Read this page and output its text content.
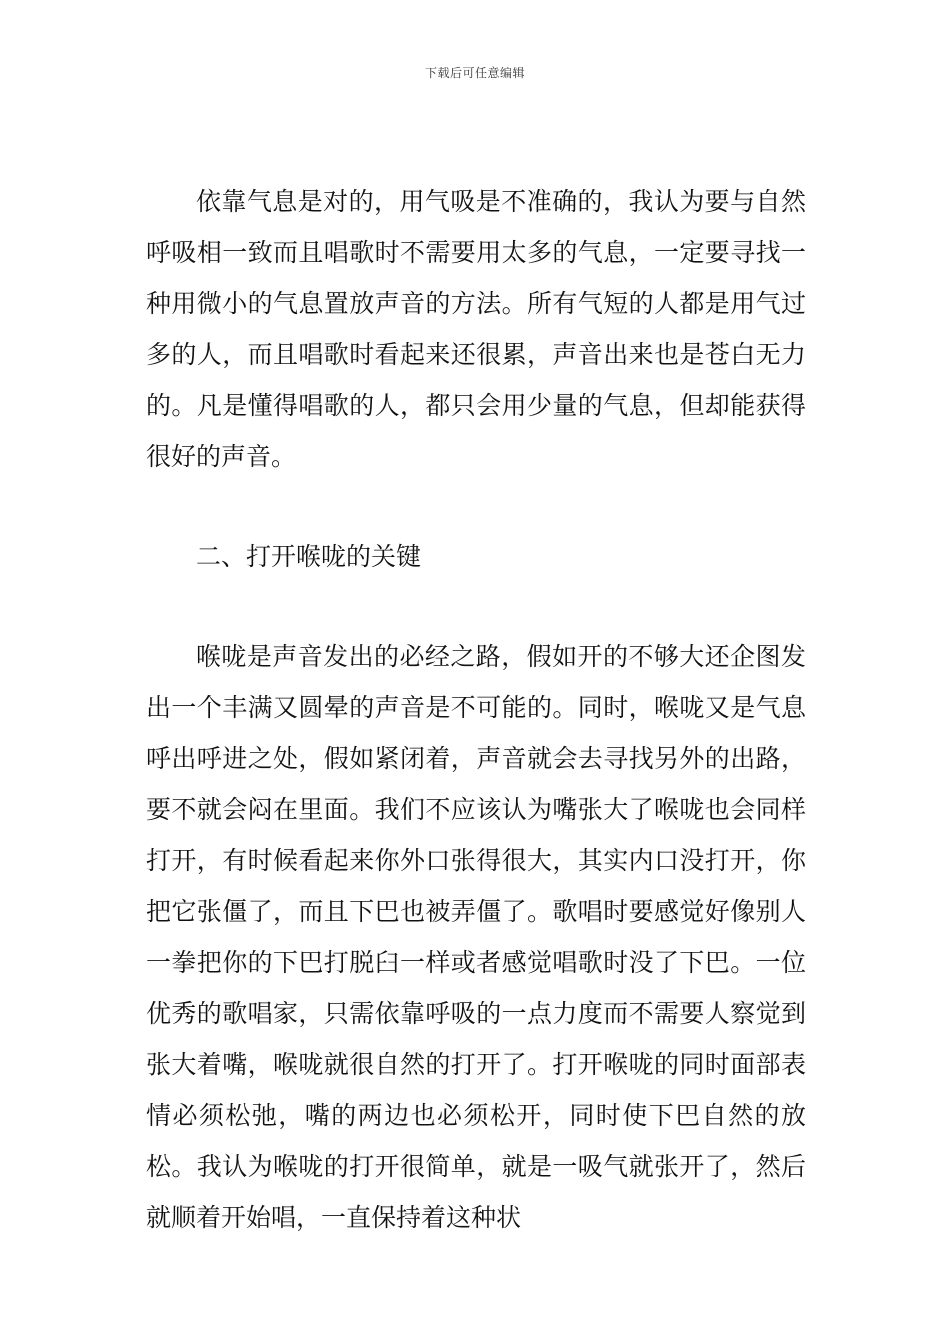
下载后可任意编辑

依靠气息是对的，用气吸是不准确的，我认为要与自然呼吸相一致而且唱歌时不需要用太多的气息，一定要寻找一种用微小的气息置放声音的方法。所有气短的人都是用气过多的人，而且唱歌时看起来还很累，声音出来也是苍白无力的。凡是懂得唱歌的人，都只会用少量的气息，但却能获得很好的声音。

二、打开喉咙的关键

喉咙是声音发出的必经之路，假如开的不够大还企图发出一个丰满又圆晕的声音是不可能的。同时，喉咙又是气息呼出呼进之处，假如紧闭着，声音就会去寻找另外的出路，要不就会闷在里面。我们不应该认为嘴张大了喉咙也会同样打开，有时候看起来你外口张得很大，其实内口没打开，你把它张僵了，而且下巴也被弄僵了。歌唱时要感觉好像别人一拳把你的下巴打脱臼一样或者感觉唱歌时没了下巴。一位优秀的歌唱家，只需依靠呼吸的一点力度而不需要人察觉到张大着嘴，喉咙就很自然的打开了。打开喉咙的同时面部表情必须松弛，嘴的两边也必须松开，同时使下巴自然的放松。我认为喉咙的打开很简单，就是一吸气就张开了，然后就顺着开始唱，一直保持着这种状
